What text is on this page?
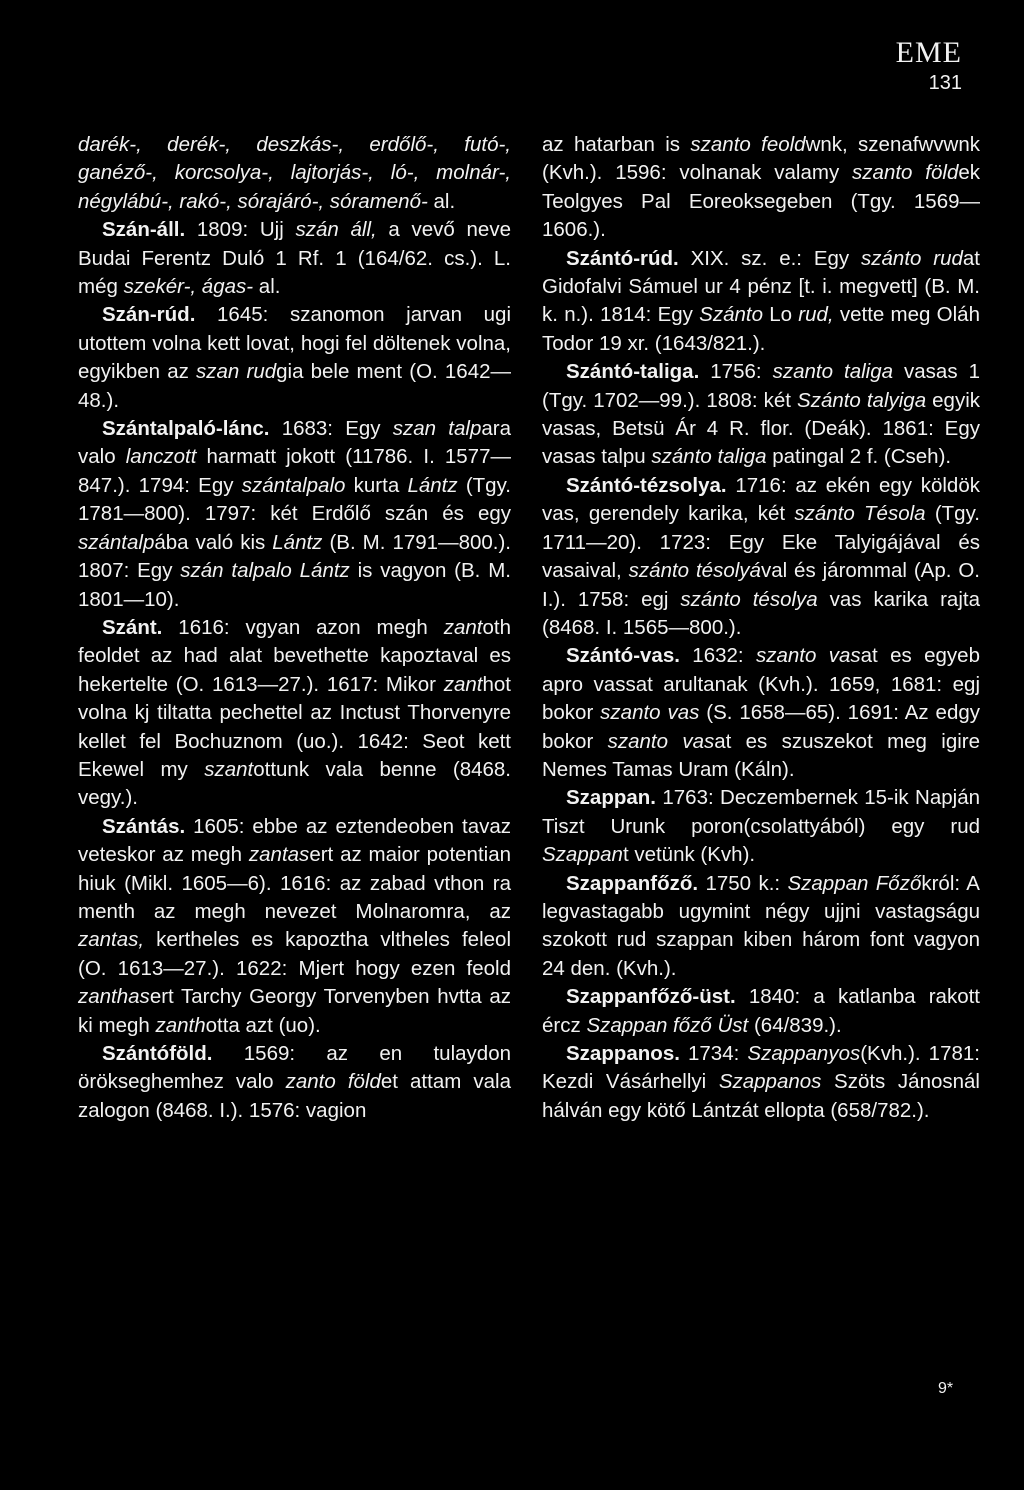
EME
131

darék-, derék-, deszkás-, erdőlő-, futó-, ganéző-, korcsolya-, lajtorjás-, ló-, molnár-, négylábú-, rakó-, sórajáró-, sóramenő- al.

Szán-áll. 1809: Ujj szán áll, a vevő neve Budai Ferentz Duló 1 Rf. 1 (164/62. cs.). L. még szekér-, ágas- al.

Szán-rúd. 1645: szanomon jarvan ugi utottem volna kett lovat, hogi fel döltenek volna, egyikben az szan rudgia bele ment (O. 1642—48.).

Szántalpaló-lánc. 1683: Egy szan talpara valo lanczott harmatt jokott (11786. I. 1577—847.). 1794: Egy szántalpalo kurta Lántz (Tgy. 1781—800). 1797: két Erdőlő szán és egy szántalpába való kis Lántz (B. M. 1791—800.). 1807: Egy szán talpalo Lántz is vagyon (B. M. 1801—10).

Szánt. 1616: vgyan azon megh zantoth feoldet az had alat bevethette kapoztaval es hekertelte (O. 1613—27.). 1617: Mikor zanthot volna kj tiltatta pechettel az Inctust Thorvenyre kellet fel Bochuznom (uo.). 1642: Seot kett Ekewel my szantottunk vala benne (8468. vegy.).

Szántás. 1605: ebbe az eztendeoben tavaz veteskor az megh zantasert az maior potentian hiuk (Mikl. 1605—6). 1616: az zabad vthon ra menth az megh nevezet Molnaromra, az zantas, kertheles es kapoztha vltheles feleol (O. 1613—27.). 1622: Mjert hogy ezen feold zanthasert Tarchy Georgy Torvenyben hvtta az ki megh zanthotta azt (uo).

Szántóföld. 1569: az en tulaydon örökseghemhez valo zanto földet attam vala zalogon (8468. I.). 1576: vagion

az hatarban is szanto feoldwnk, szenafwvwnk (Kvh.). 1596: volnanak valamy szanto földek Teolgyes Pal Eoreoksegeben (Tgy. 1569—1606.).

Szántó-rúd. XIX. sz. e.: Egy szánto rudat Gidofalvi Sámuel ur 4 pénz [t. i. megvett] (B. M. k. n.). 1814: Egy Szánto Lo rud, vette meg Oláh Todor 19 xr. (1643/821.).

Szántó-taliga. 1756: szanto taliga vasas 1 (Tgy. 1702—99.). 1808: két Szánto talyiga egyik vasas, Betsü Ár 4 R. flor. (Deák). 1861: Egy vasas talpu szánto taliga patingal 2 f. (Cseh).

Szántó-tézsolya. 1716: az ekén egy köldök vas, gerendely karika, két szánto Tésola (Tgy. 1711—20). 1723: Egy Eke Talyigájával és vasaival, szánto tésolyával és járommal (Ap. O. I.). 1758: egj szánto tésolya vas karika rajta (8468. I. 1565—800.).

Szántó-vas. 1632: szanto vasat es egyeb apro vassat arultanak (Kvh.). 1659, 1681: egj bokor szanto vas (S. 1658—65). 1691: Az edgy bokor szanto vasat es szuszekot meg igire Nemes Tamas Uram (Káln).

Szappan. 1763: Deczembernek 15-ik Napján Tiszt Urunk poron(csolattyából) egy rud Szappant vetünk (Kvh).

Szappanfőző. 1750 k.: Szappan Főzőkról: A legvastagabb ugymint négy ujjni vastagságu szokott rud szappan kiben három font vagyon 24 den. (Kvh.).

Szappanfőző-üst. 1840: a katlanba rakott ércz Szappan főző Üst (64/839.).

Szappanos. 1734: Szappanyos(Kvh.). 1781: Kezdi Vásárhellyi Szappanos Szöts Jánosnál hálván egy kötő Lántzát ellopta (658/782.).

9*
